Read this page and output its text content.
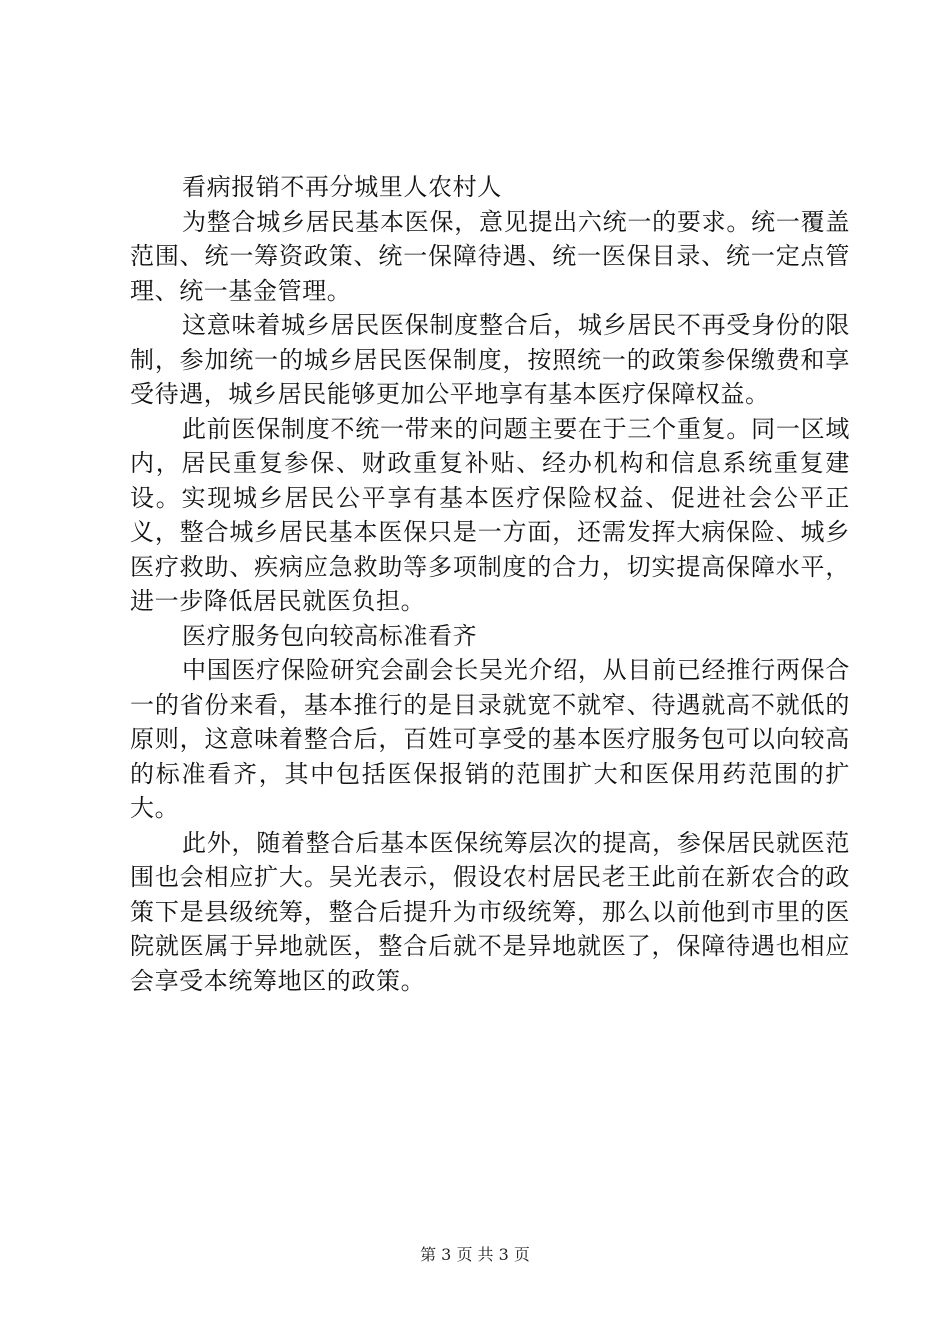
看病报销不再分城里人农村人

为整合城乡居民基本医保，意见提出六统一的要求。统一覆盖范围、统一筹资政策、统一保障待遇、统一医保目录、统一定点管理、统一基金管理。

这意味着城乡居民医保制度整合后，城乡居民不再受身份的限制，参加统一的城乡居民医保制度，按照统一的政策参保缴费和享受待遇，城乡居民能够更加公平地享有基本医疗保障权益。

此前医保制度不统一带来的问题主要在于三个重复。同一区域内，居民重复参保、财政重复补贴、经办机构和信息系统重复建设。实现城乡居民公平享有基本医疗保险权益、促进社会公平正义，整合城乡居民基本医保只是一方面，还需发挥大病保险、城乡医疗救助、疾病应急救助等多项制度的合力，切实提高保障水平，进一步降低居民就医负担。

医疗服务包向较高标准看齐

中国医疗保险研究会副会长吴光介绍，从目前已经推行两保合一的省份来看，基本推行的是目录就宽不就窄、待遇就高不就低的原则，这意味着整合后，百姓可享受的基本医疗服务包可以向较高的标准看齐，其中包括医保报销的范围扩大和医保用药范围的扩大。

此外，随着整合后基本医保统筹层次的提高，参保居民就医范围也会相应扩大。吴光表示，假设农村居民老王此前在新农合的政策下是县级统筹，整合后提升为市级统筹，那么以前他到市里的医院就医属于异地就医，整合后就不是异地就医了，保障待遇也相应会享受本统筹地区的政策。

第 3 页 共 3 页
